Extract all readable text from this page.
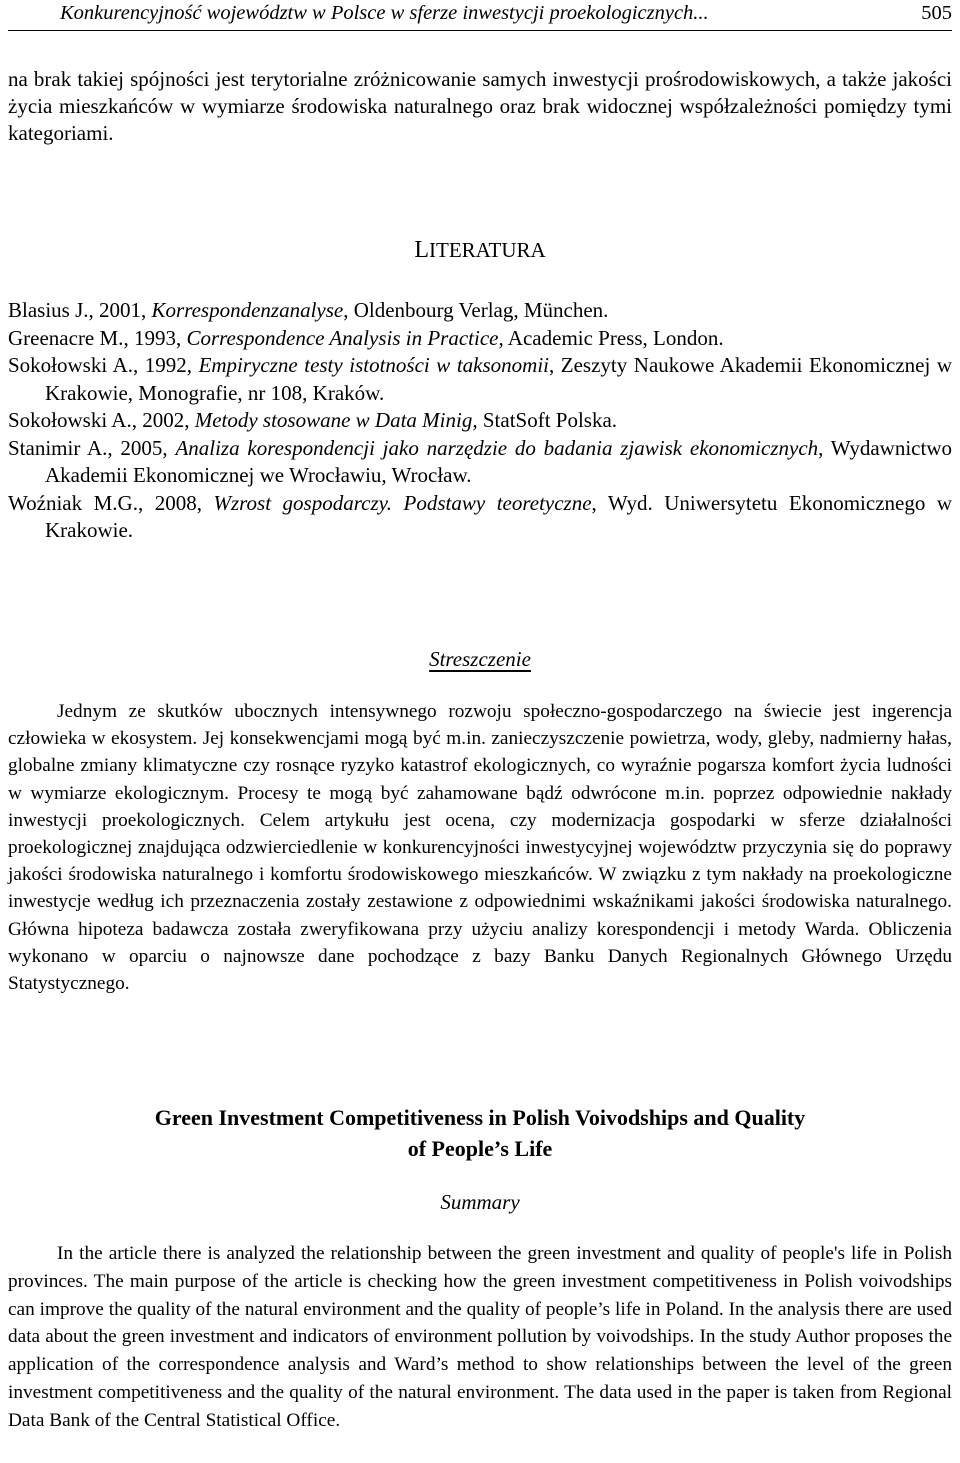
Konkurencyjność województw w Polsce w sferze inwestycji proekologicznych...	505

na brak takiej spójności jest terytorialne zróżnicowanie samych inwestycji prośrodowiskowych, a także jakości życia mieszkańców w wymiarze środowiska naturalnego oraz brak widocznej współzależności pomiędzy tymi kategoriami.

LITERATURA

Blasius J., 2001, Korrespondenzanalyse, Oldenbourg Verlag, München.

Greenacre M., 1993, Correspondence Analysis in Practice, Academic Press, London.

Sokołowski A., 1992, Empiryczne testy istotności w taksonomii, Zeszyty Naukowe Akademii Ekonomicznej w Krakowie, Monografie, nr 108, Kraków.

Sokołowski A., 2002, Metody stosowane w Data Minig, StatSoft Polska.

Stanimir A., 2005, Analiza korespondencji jako narzędzie do badania zjawisk ekonomicznych, Wydawnictwo Akademii Ekonomicznej we Wrocławiu, Wrocław.

Woźniak M.G., 2008, Wzrost gospodarczy. Podstawy teoretyczne, Wyd. Uniwersytetu Ekonomicznego w Krakowie.

Streszczenie

Jednym ze skutków ubocznych intensywnego rozwoju społeczno-gospodarczego na świecie jest ingerencja człowieka w ekosystem. Jej konsekwencjami mogą być m.in. zanieczyszczenie powietrza, wody, gleby, nadmierny hałas, globalne zmiany klimatyczne czy rosnące ryzyko katastrof ekologicznych, co wyraźnie pogarsza komfort życia ludności w wymiarze ekologicznym. Procesy te mogą być zahamowane bądź odwrócone m.in. poprzez odpowiednie nakłady inwestycji proekologicznych. Celem artykułu jest ocena, czy modernizacja gospodarki w sferze działalności proekologicznej znajdująca odzwierciedlenie w konkurencyjności inwestycyjnej województw przyczynia się do poprawy jakości środowiska naturalnego i komfortu środowiskowego mieszkańców. W związku z tym nakłady na proekologiczne inwestycje według ich przeznaczenia zostały zestawione z odpowiednimi wskaźnikami jakości środowiska naturalnego. Główna hipoteza badawcza została zweryfikowana przy użyciu analizy korespondencji i metody Warda. Obliczenia wykonano w oparciu o najnowsze dane pochodzące z bazy Banku Danych Regionalnych Głównego Urzędu Statystycznego.

Green Investment Competitiveness in Polish Voivodships and Quality
of People’s Life
Summary

In the article there is analyzed the relationship between the green investment and quality of people's life in Polish provinces. The main purpose of the article is checking how the green investment competitiveness in Polish voivodships can improve the quality of the natural environment and the quality of people’s life in Poland. In the analysis there are used data about the green investment and indicators of environment pollution by voivodships. In the study Author proposes the application of the correspondence analysis and Ward’s method to show relationships between the level of the green investment competitiveness and the quality of the natural environment. The data used in the paper is taken from Regional Data Bank of the Central Statistical Office.
